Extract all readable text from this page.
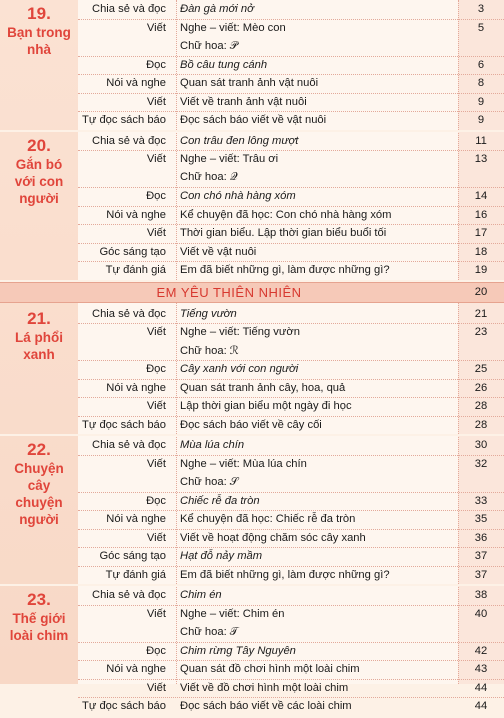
19.
Bạn trong
nhà
Chia sẻ và đọc	Đàn gà mới nở	3
Viết	Nghe – viết: Mèo con	5
Chữ hoa: 𝒫
Đọc	Bồ câu tung cánh	6
Nói và nghe	Quan sát tranh ảnh vật nuôi	8
Viết	Viết về tranh ảnh vật nuôi	9
Tự đọc sách báo	Đọc sách báo viết về vật nuôi	9
20.
Gắn bó
với con
người
Chia sẻ và đọc	Con trâu đen lông mượt	11
Viết	Nghe – viết: Trâu ơi	13
Chữ hoa: 𝒬
Đọc	Con chó nhà hàng xóm	14
Nói và nghe	Kể chuyện đã học: Con chó nhà hàng xóm	16
Viết	Thời gian biểu. Lập thời gian biểu buổi tối	17
Góc sáng tạo	Viết về vật nuôi	18
Tự đánh giá	Em đã biết những gì, làm được những gì?	19
EM YÊU THIÊN NHIÊN	20
21.
Lá phổi
xanh
Chia sẻ và đọc	Tiếng vườn	21
Viết	Nghe – viết: Tiếng vườn	23
Chữ hoa: ℛ
Đọc	Cây xanh với con người	25
Nói và nghe	Quan sát tranh ảnh cây, hoa, quả	26
Viết	Lập thời gian biểu một ngày đi học	28
Tự đọc sách báo	Đọc sách báo viết về cây cối	28
22.
Chuyện
cây
chuyện
người
Chia sẻ và đọc	Mùa lúa chín	30
Viết	Nghe – viết: Mùa lúa chín	32
Chữ hoa: 𝒮
Đọc	Chiếc rễ đa tròn	33
Nói và nghe	Kể chuyện đã học: Chiếc rễ đa tròn	35
Viết	Viết về hoạt động chăm sóc cây xanh	36
Góc sáng tạo	Hạt đỗ nảy mầm	37
Tự đánh giá	Em đã biết những gì, làm được những gì?	37
23.
Thế giới
loài chim
Chia sẻ và đọc	Chim én	38
Viết	Nghe – viết: Chim én	40
Chữ hoa: 𝒯
Đọc	Chim rừng Tây Nguyên	42
Nói và nghe	Quan sát đồ chơi hình một loài chim	43
Viết	Viết về đồ chơi hình một loài chim	44
Tự đọc sách báo	Đọc sách báo viết về các loài chim	44
